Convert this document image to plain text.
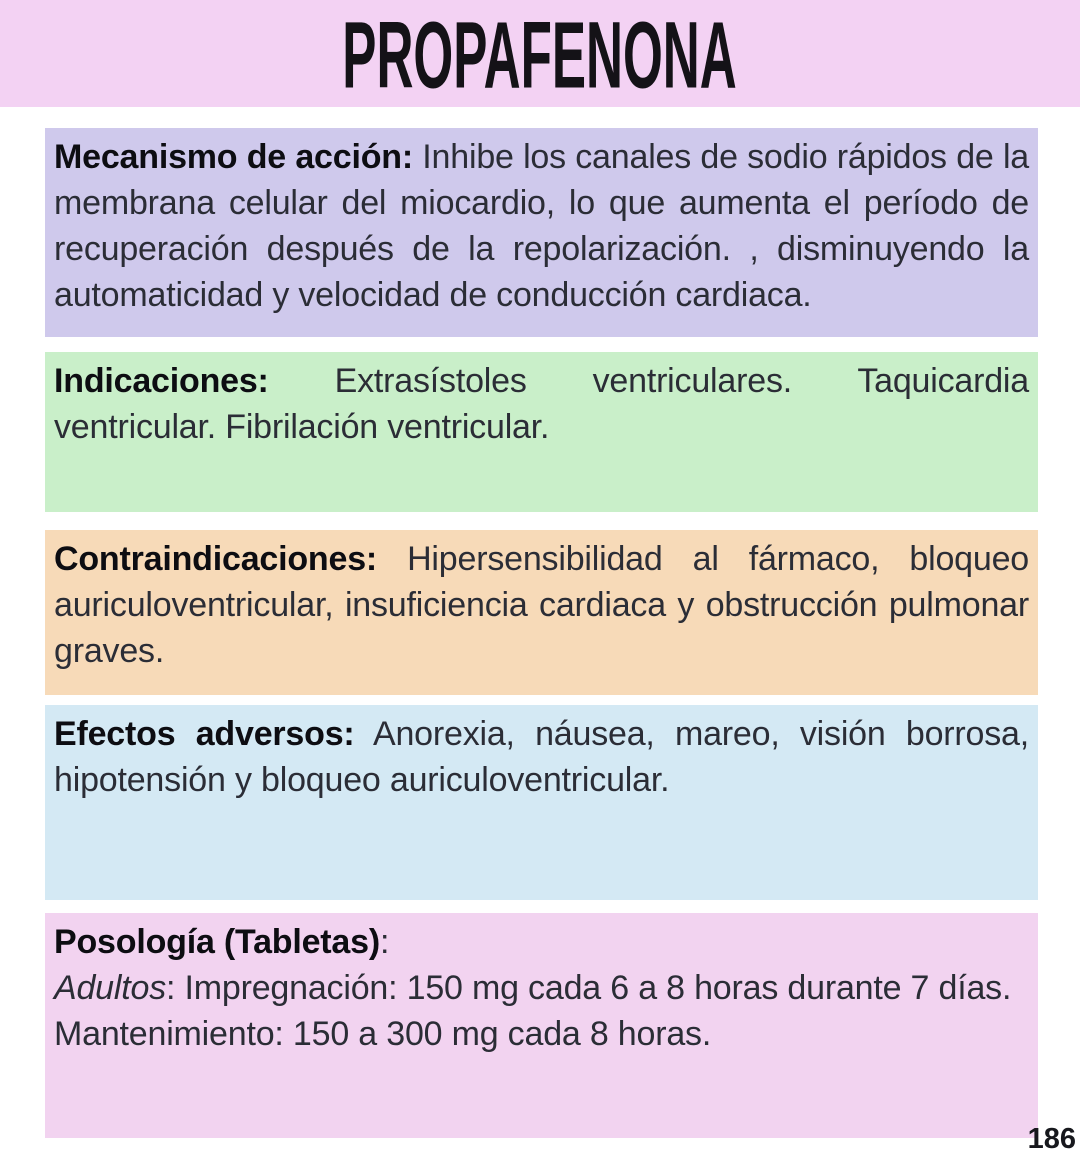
PROPAFENONA
Mecanismo de acción: Inhibe los canales de sodio rápidos de la membrana celular del miocardio, lo que aumenta el período de recuperación después de la repolarización. , disminuyendo la automaticidad y velocidad de conducción cardiaca.
Indicaciones: Extrasístoles ventriculares. Taquicardia ventricular. Fibrilación ventricular.
Contraindicaciones: Hipersensibilidad al fármaco, bloqueo auriculoventricular, insuficiencia cardiaca y obstrucción pulmonar graves.
Efectos adversos: Anorexia, náusea, mareo, visión borrosa, hipotensión y bloqueo auriculoventricular.

Posología (Tabletas):

Adultos: Impregnación: 150 mg cada 6 a 8 horas durante 7 días.

Mantenimiento: 150 a 300 mg cada 8 horas.

186
